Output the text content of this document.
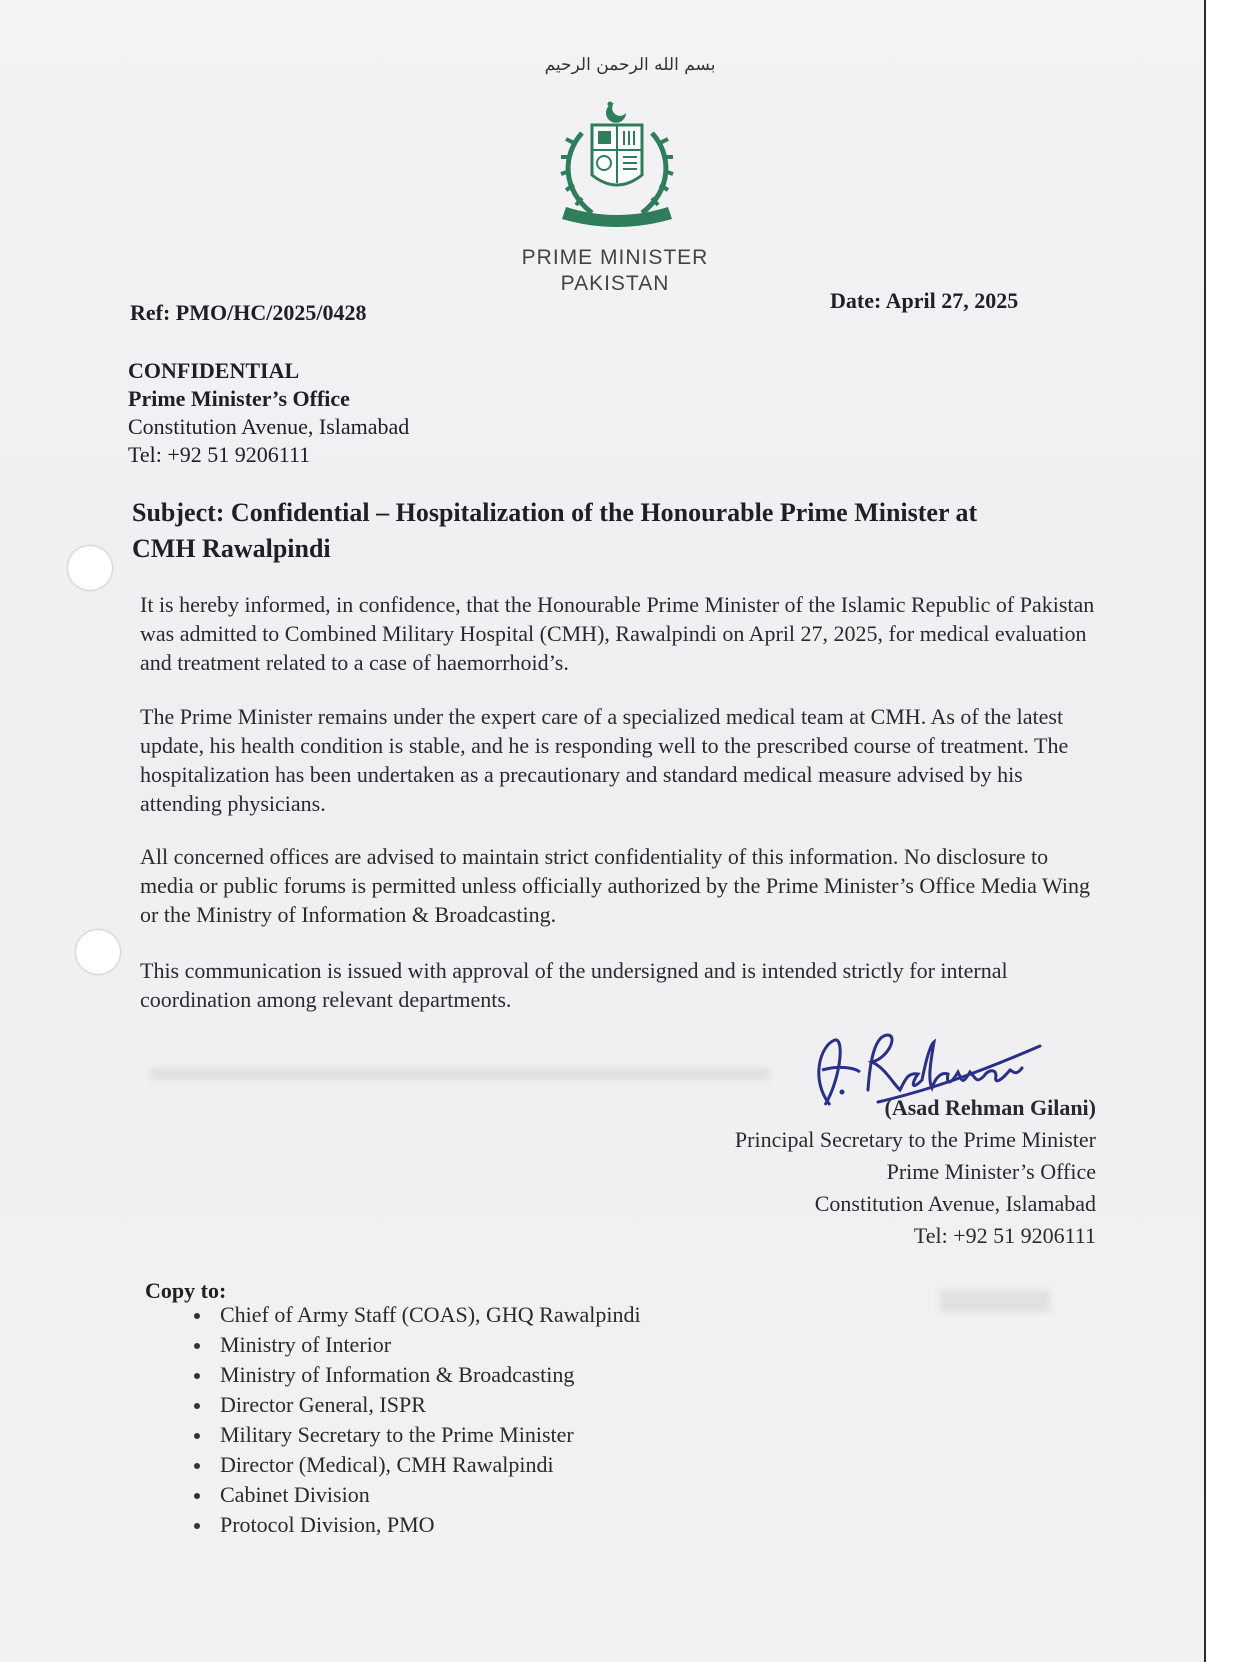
بسم الله الرحمن الرحيم
PRIME MINISTER
PAKISTAN
Ref: PMO/HC/2025/0428	Date: April 27, 2025
CONFIDENTIAL
Prime Minister’s Office
Constitution Avenue, Islamabad
Tel: +92 51 9206111
Subject: Confidential – Hospitalization of the Honourable Prime Minister at
CMH Rawalpindi
It is hereby informed, in confidence, that the Honourable Prime Minister of the Islamic Republic of Pakistan was admitted to Combined Military Hospital (CMH), Rawalpindi on April 27, 2025, for medical evaluation and treatment related to a case of haemorrhoid’s.
The Prime Minister remains under the expert care of a specialized medical team at CMH. As of the latest update, his health condition is stable, and he is responding well to the prescribed course of treatment. The hospitalization has been undertaken as a precautionary and standard medical measure advised by his attending physicians.
All concerned offices are advised to maintain strict confidentiality of this information. No disclosure to media or public forums is permitted unless officially authorized by the Prime Minister’s Office Media Wing or the Ministry of Information & Broadcasting.
This communication is issued with approval of the undersigned and is intended strictly for internal coordination among relevant departments.
(Asad Rehman Gilani)
Principal Secretary to the Prime Minister
Prime Minister’s Office
Constitution Avenue, Islamabad
Tel: +92 51 9206111
Copy to:
Chief of Army Staff (COAS), GHQ Rawalpindi
Ministry of Interior
Ministry of Information & Broadcasting
Director General, ISPR
Military Secretary to the Prime Minister
Director (Medical), CMH Rawalpindi
Cabinet Division
Protocol Division, PMO
